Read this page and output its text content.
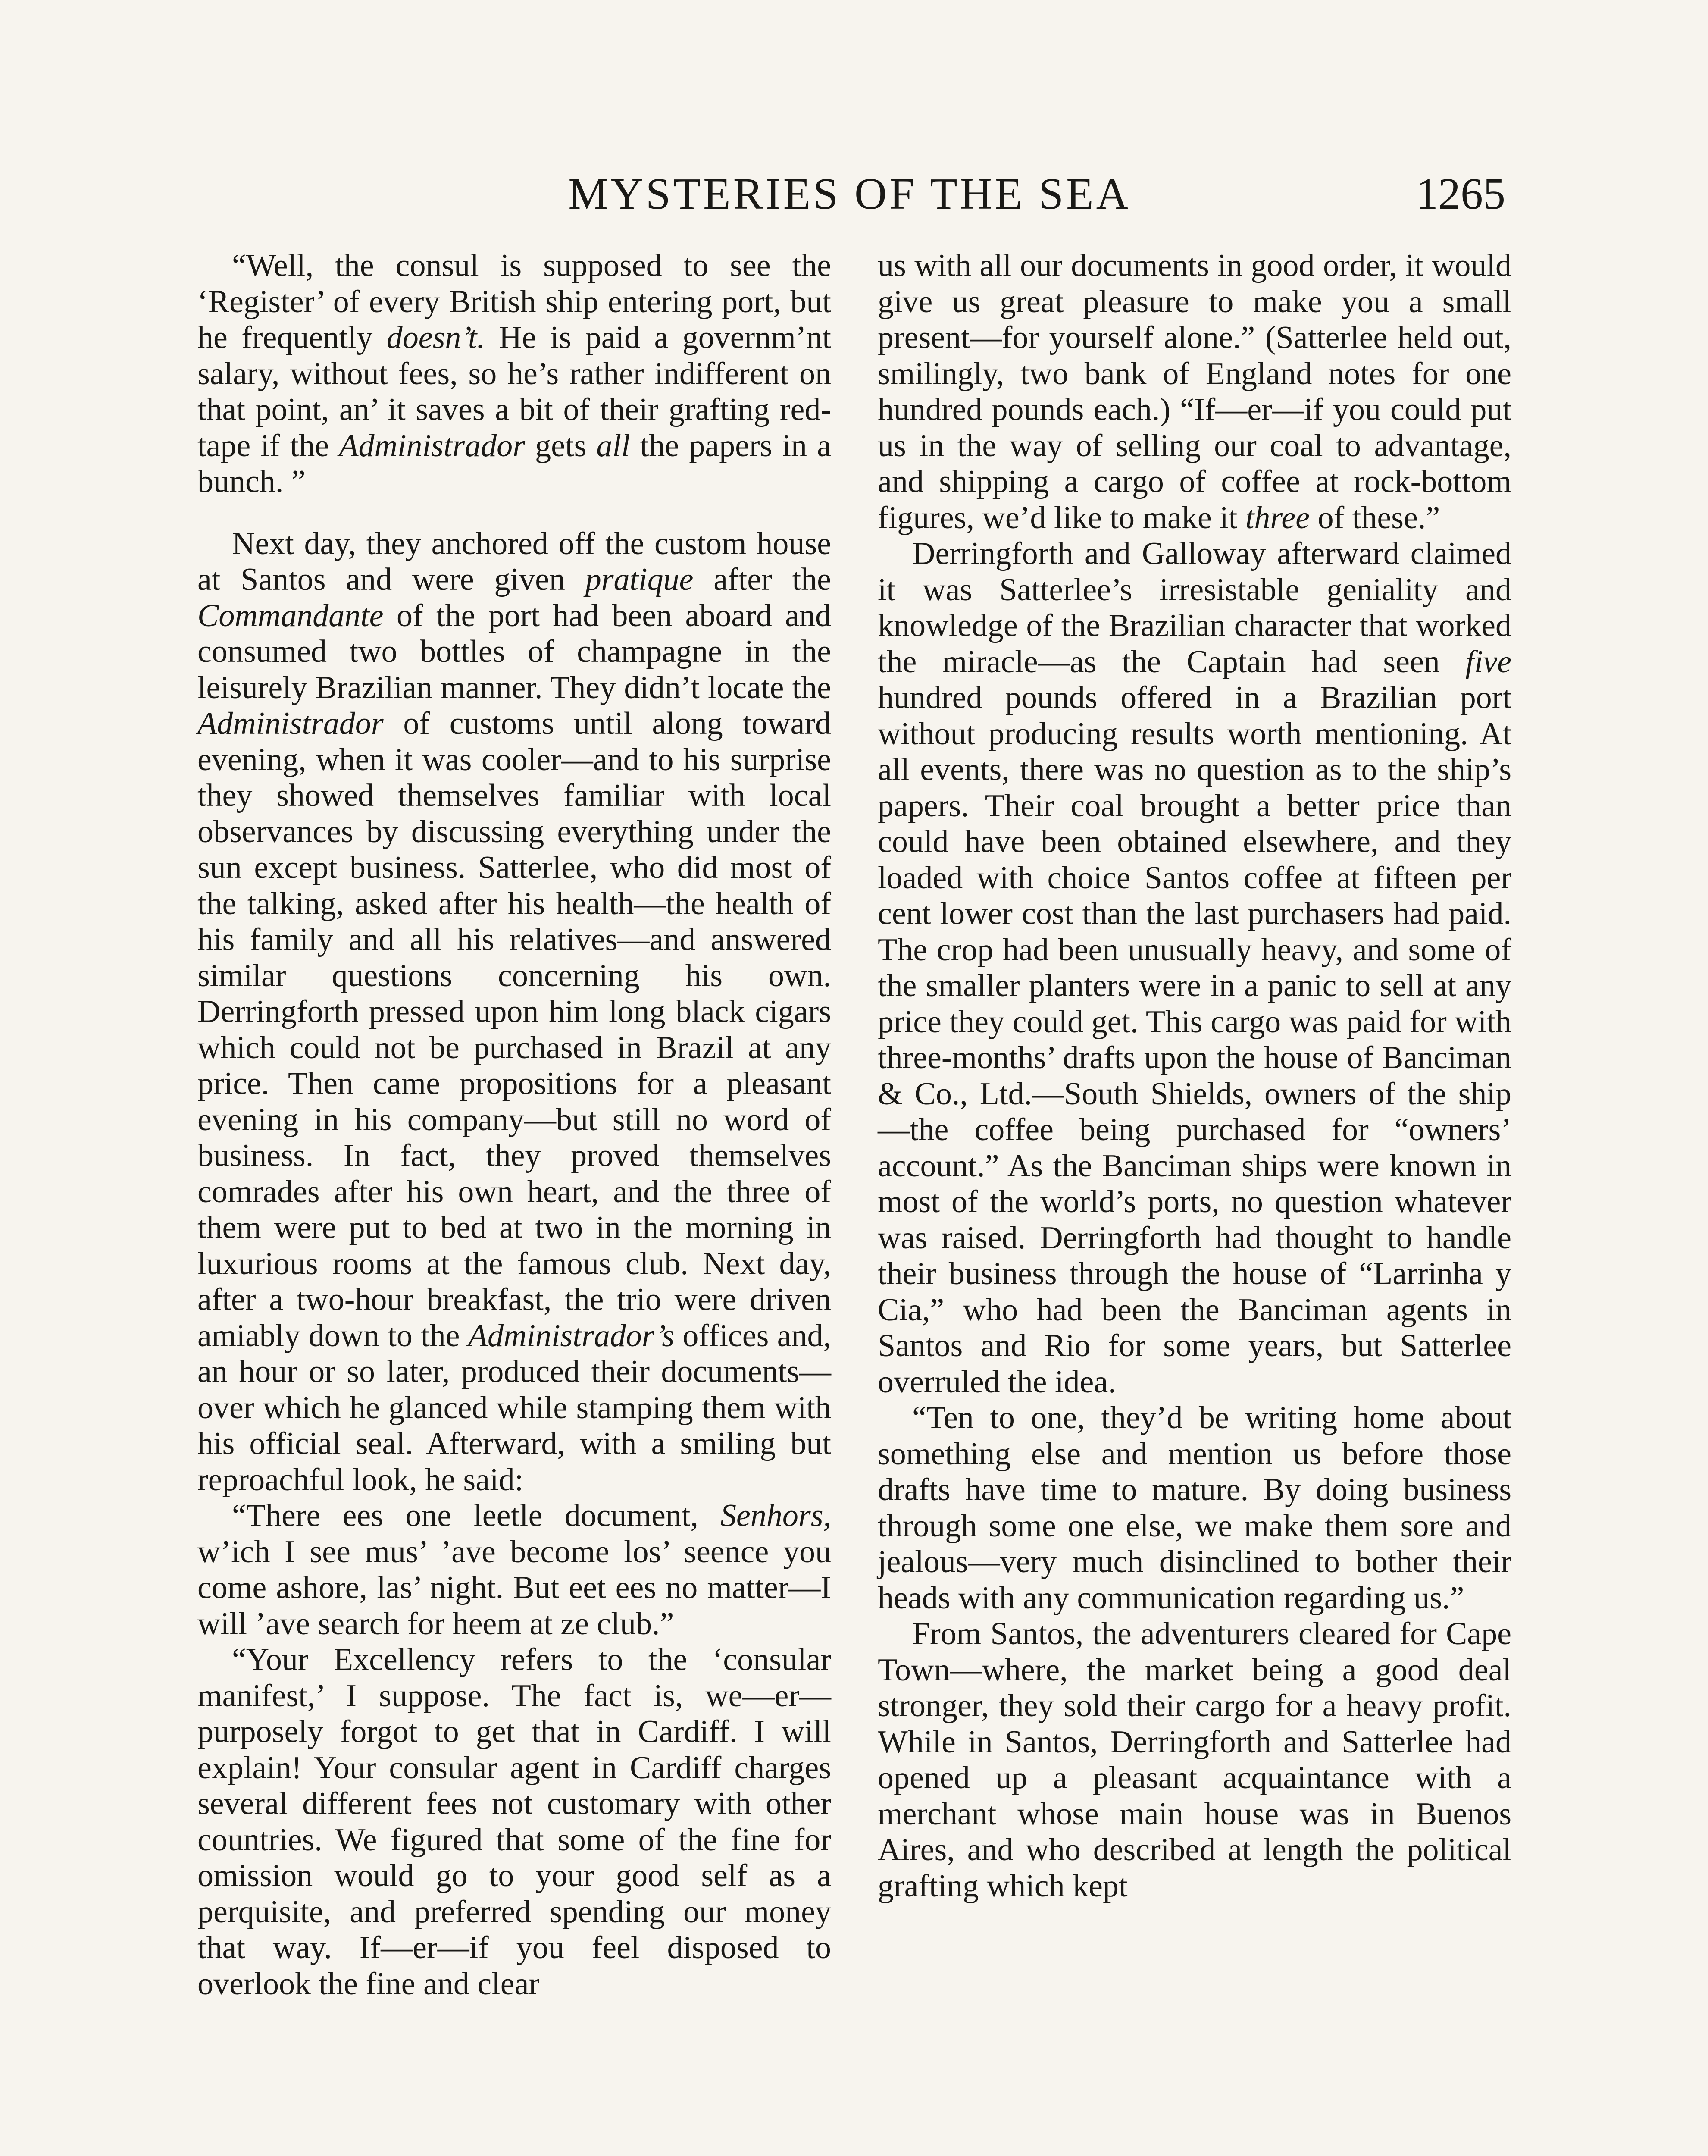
MYSTERIES OF THE SEA	1265

“Well, the consul is supposed to see the ‘Register’ of every British ship entering port, but he frequently doesn’t. He is paid a governm’nt salary, without fees, so he’s rather indifferent on that point, an’ it saves a bit of their grafting red-tape if the Administrador gets all the papers in a bunch. ”

Next day, they anchored off the custom house at Santos and were given pratique after the Commandante of the port had been aboard and consumed two bottles of champagne in the leisurely Brazilian manner. They didn’t locate the Administrador of customs until along toward evening, when it was cooler—and to his surprise they showed themselves familiar with local observances by discussing everything under the sun except business. Satterlee, who did most of the talking, asked after his health—the health of his family and all his relatives—and answered similar questions concerning his own. Derringforth pressed upon him long black cigars which could not be purchased in Brazil at any price. Then came propositions for a pleasant evening in his company—but still no word of business. In fact, they proved themselves comrades after his own heart, and the three of them were put to bed at two in the morning in luxurious rooms at the famous club. Next day, after a two-hour breakfast, the trio were driven amiably down to the Administrador’s offices and, an hour or so later, produced their documents—over which he glanced while stamping them with his official seal. Afterward, with a smiling but reproachful look, he said:

“There ees one leetle document, Senhors, w’ich I see mus’ ’ave become los’ seence you come ashore, las’ night. But eet ees no matter—I will ’ave search for heem at ze club.”

“Your Excellency refers to the ‘consular manifest,’ I suppose. The fact is, we—er—purposely forgot to get that in Cardiff. I will explain! Your consular agent in Cardiff charges several different fees not customary with other countries. We figured that some of the fine for omission would go to your good self as a perquisite, and preferred spending our money that way. If—er—if you feel disposed to overlook the fine and clear

us with all our documents in good order, it would give us great pleasure to make you a small present—for yourself alone.” (Satterlee held out, smilingly, two bank of England notes for one hundred pounds each.) “If—er—if you could put us in the way of selling our coal to advantage, and shipping a cargo of coffee at rock-bottom figures, we’d like to make it three of these.”

Derringforth and Galloway afterward claimed it was Satterlee’s irresistable geniality and knowledge of the Brazilian character that worked the miracle—as the Captain had seen five hundred pounds offered in a Brazilian port without producing results worth mentioning. At all events, there was no question as to the ship’s papers. Their coal brought a better price than could have been obtained elsewhere, and they loaded with choice Santos coffee at fifteen per cent lower cost than the last purchasers had paid. The crop had been unusually heavy, and some of the smaller planters were in a panic to sell at any price they could get. This cargo was paid for with three-months’ drafts upon the house of Banciman & Co., Ltd.—South Shields, owners of the ship—the coffee being purchased for “owners’ account.” As the Banciman ships were known in most of the world’s ports, no question whatever was raised. Derringforth had thought to handle their business through the house of “Larrinha y Cia,” who had been the Banciman agents in Santos and Rio for some years, but Satterlee overruled the idea.

“Ten to one, they’d be writing home about something else and mention us before those drafts have time to mature. By doing business through some one else, we make them sore and jealous—very much disinclined to bother their heads with any communication regarding us.”

From Santos, the adventurers cleared for Cape Town—where, the market being a good deal stronger, they sold their cargo for a heavy profit. While in Santos, Derringforth and Satterlee had opened up a pleasant acquaintance with a merchant whose main house was in Buenos Aires, and who described at length the political grafting which kept
